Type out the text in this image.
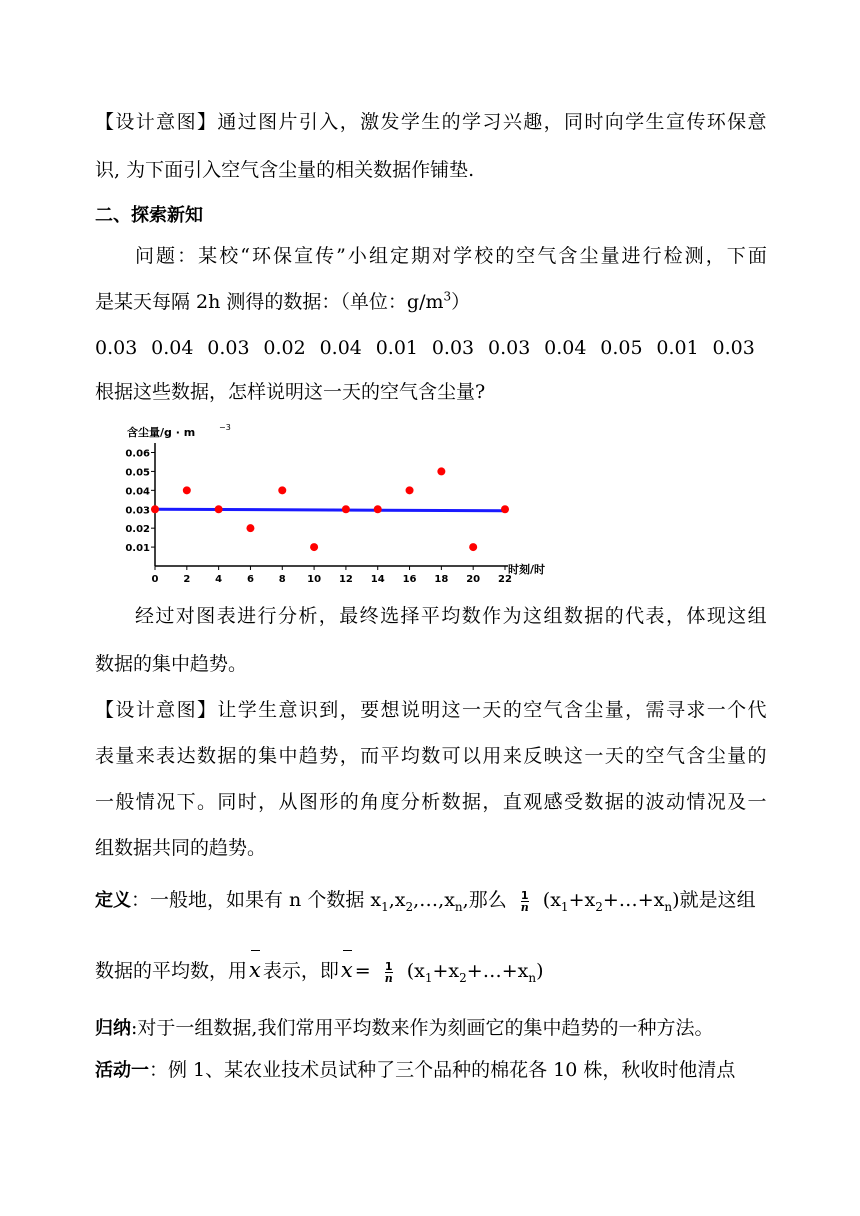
【 设 计 意 图 】 通 过 图 片 引 入 ， 激 发 学 生 的 学 习 兴 趣 ， 同 时 向 学 生 宣 传 环 保 意
识, 为下面引入空气含尘量的相关数据作铺垫.
二、探索新知
问 题 ： 某 校 “ 环 保 宣 传 ” 小 组 定 期 对 学 校 的 空 气 含 尘 量 进 行 检 测 ， 下 面
是某天每隔 2h 测得的数据：（单位：$g/m^3$）
0.03 0.04 0.03 0.02 0.04 0.01 0.03 0.03 0.04 0.05 0.01 0.03
根据这些数据，怎样说明这一天的空气含尘量?
含尘量/g · m	−3
时刻/时
0.01
0.02
0.03
0.04
0.05
0.06
0 2 4 6 8 10 12 14 16 18 20 22
经 过 对 图 表 进 行 分 析 ， 最 终 选 择 平 均 数 作 为 这 组 数 据 的 代 表 ， 体 现 这 组
数据的集中趋势。
【 设 计 意 图 】 让 学 生 意 识 到 ， 要 想 说 明 这 一 天 的 空 气 含 尘 量 ， 需 寻 求 一 个 代
表 量 来 表 达 数 据 的 集 中 趋 势 ， 而 平 均 数 可 以 用 来 反 映 这 一 天 的 空 气 含 尘 量 的
一 般 情 况 下 。 同 时 ， 从 图 形 的 角 度 分 析 数 据 ， 直 观 感 受 数 据 的 波 动 情 况 及 一
组数据共同的趋势。
定义：一般地，如果有 n 个数据 $x_1,x_2,\dots,x_n$,那么 $\frac{1}{n}$ $(x_1+x_2+\dots+x_n)$就是这组
数据的平均数，用x 表示，即$x = \frac{1}{n}$ $(x_1+x_2+\dots+x_n)$
归纳:对于一组数据,我们常用平均数来作为刻画它的集中趋势的一种方法。
活动一：例 1、某农业技术员试种了三个品种的棉花各 10 株，秋收时他清点
